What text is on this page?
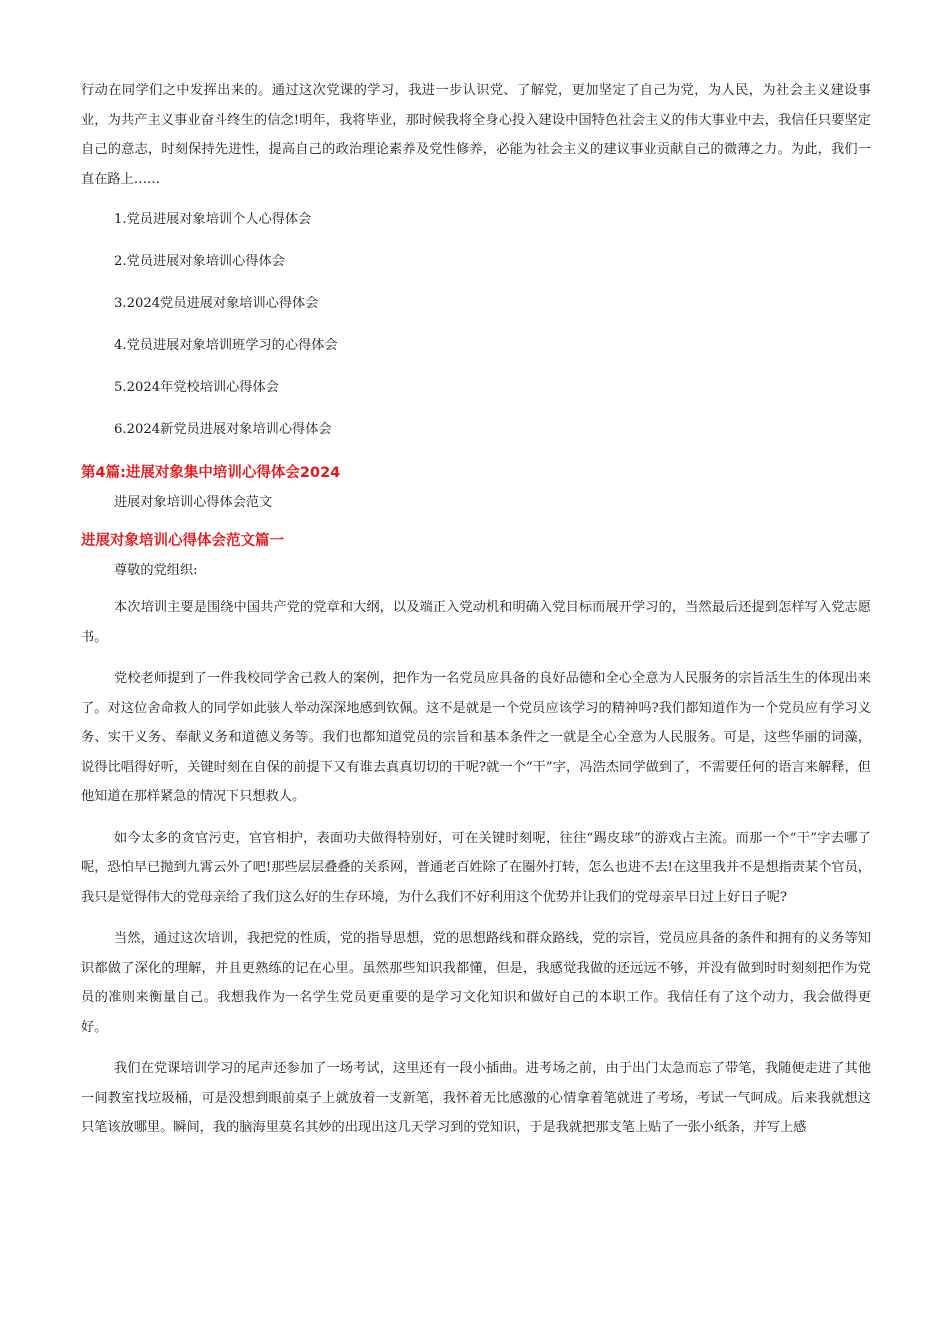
行动在同学们之中发挥出来的。通过这次党课的学习，我进一步认识党、了解党，更加坚定了自己为党，为人民，为社会主义建设事业，为共产主义事业奋斗终生的信念!明年，我将毕业，那时候我将全身心投入建设中国特色社会主义的伟大事业中去，我信任只要坚定自己的意志，时刻保持先进性，提高自己的政治理论素养及党性修养，必能为社会主义的建议事业贡献自己的微薄之力。为此，我们一直在路上……

1.党员进展对象培训个人心得体会
2.党员进展对象培训心得体会
3.2024党员进展对象培训心得体会
4.党员进展对象培训班学习的心得体会
5.2024年党校培训心得体会
6.2024新党员进展对象培训心得体会
第4篇:进展对象集中培训心得体会2024

进展对象培训心得体会范文

进展对象培训心得体会范文篇一

尊敬的党组织:

本次培训主要是围绕中国共产党的党章和大纲，以及端正入党动机和明确入党目标而展开学习的，当然最后还提到怎样写入党志愿书。

党校老师提到了一件我校同学舍己救人的案例，把作为一名党员应具备的良好品德和全心全意为人民服务的宗旨活生生的体现出来了。对这位舍命救人的同学如此骇人举动深深地感到钦佩。这不是就是一个党员应该学习的精神吗?我们都知道作为一个党员应有学习义务、实干义务、奉献义务和道德义务等。我们也都知道党员的宗旨和基本条件之一就是全心全意为人民服务。可是，这些华丽的词藻，说得比唱得好听，关键时刻在自保的前提下又有谁去真真切切的干呢?就一个“干”字，冯浩杰同学做到了，不需要任何的语言来解释，但他知道在那样紧急的情况下只想救人。

如今太多的贪官污吏，官官相护，表面功夫做得特别好，可在关键时刻呢，往往“踢皮球”的游戏占主流。而那一个“干”字去哪了呢，恐怕早已抛到九霄云外了吧!那些层层叠叠的关系网，普通老百姓除了在圈外打转，怎么也进不去!在这里我并不是想指责某个官员，我只是觉得伟大的党母亲给了我们这么好的生存环境，为什么我们不好利用这个优势并让我们的党母亲早日过上好日子呢?

当然，通过这次培训，我把党的性质，党的指导思想，党的思想路线和群众路线，党的宗旨，党员应具备的条件和拥有的义务等知识都做了深化的理解，并且更熟练的记在心里。虽然那些知识我都懂，但是，我感觉我做的还远远不够，并没有做到时时刻刻把作为党员的准则来衡量自己。我想我作为一名学生党员更重要的是学习文化知识和做好自己的本职工作。我信任有了这个动力，我会做得更好。

我们在党课培训学习的尾声还参加了一场考试，这里还有一段小插曲。进考场之前，由于出门太急而忘了带笔，我随便走进了其他一间教室找垃圾桶，可是没想到眼前桌子上就放着一支新笔，我怀着无比感激的心情拿着笔就进了考场，考试一气呵成。后来我就想这只笔该放哪里。瞬间，我的脑海里莫名其妙的出现出这几天学习到的党知识，于是我就把那支笔上贴了一张小纸条，并写上感
